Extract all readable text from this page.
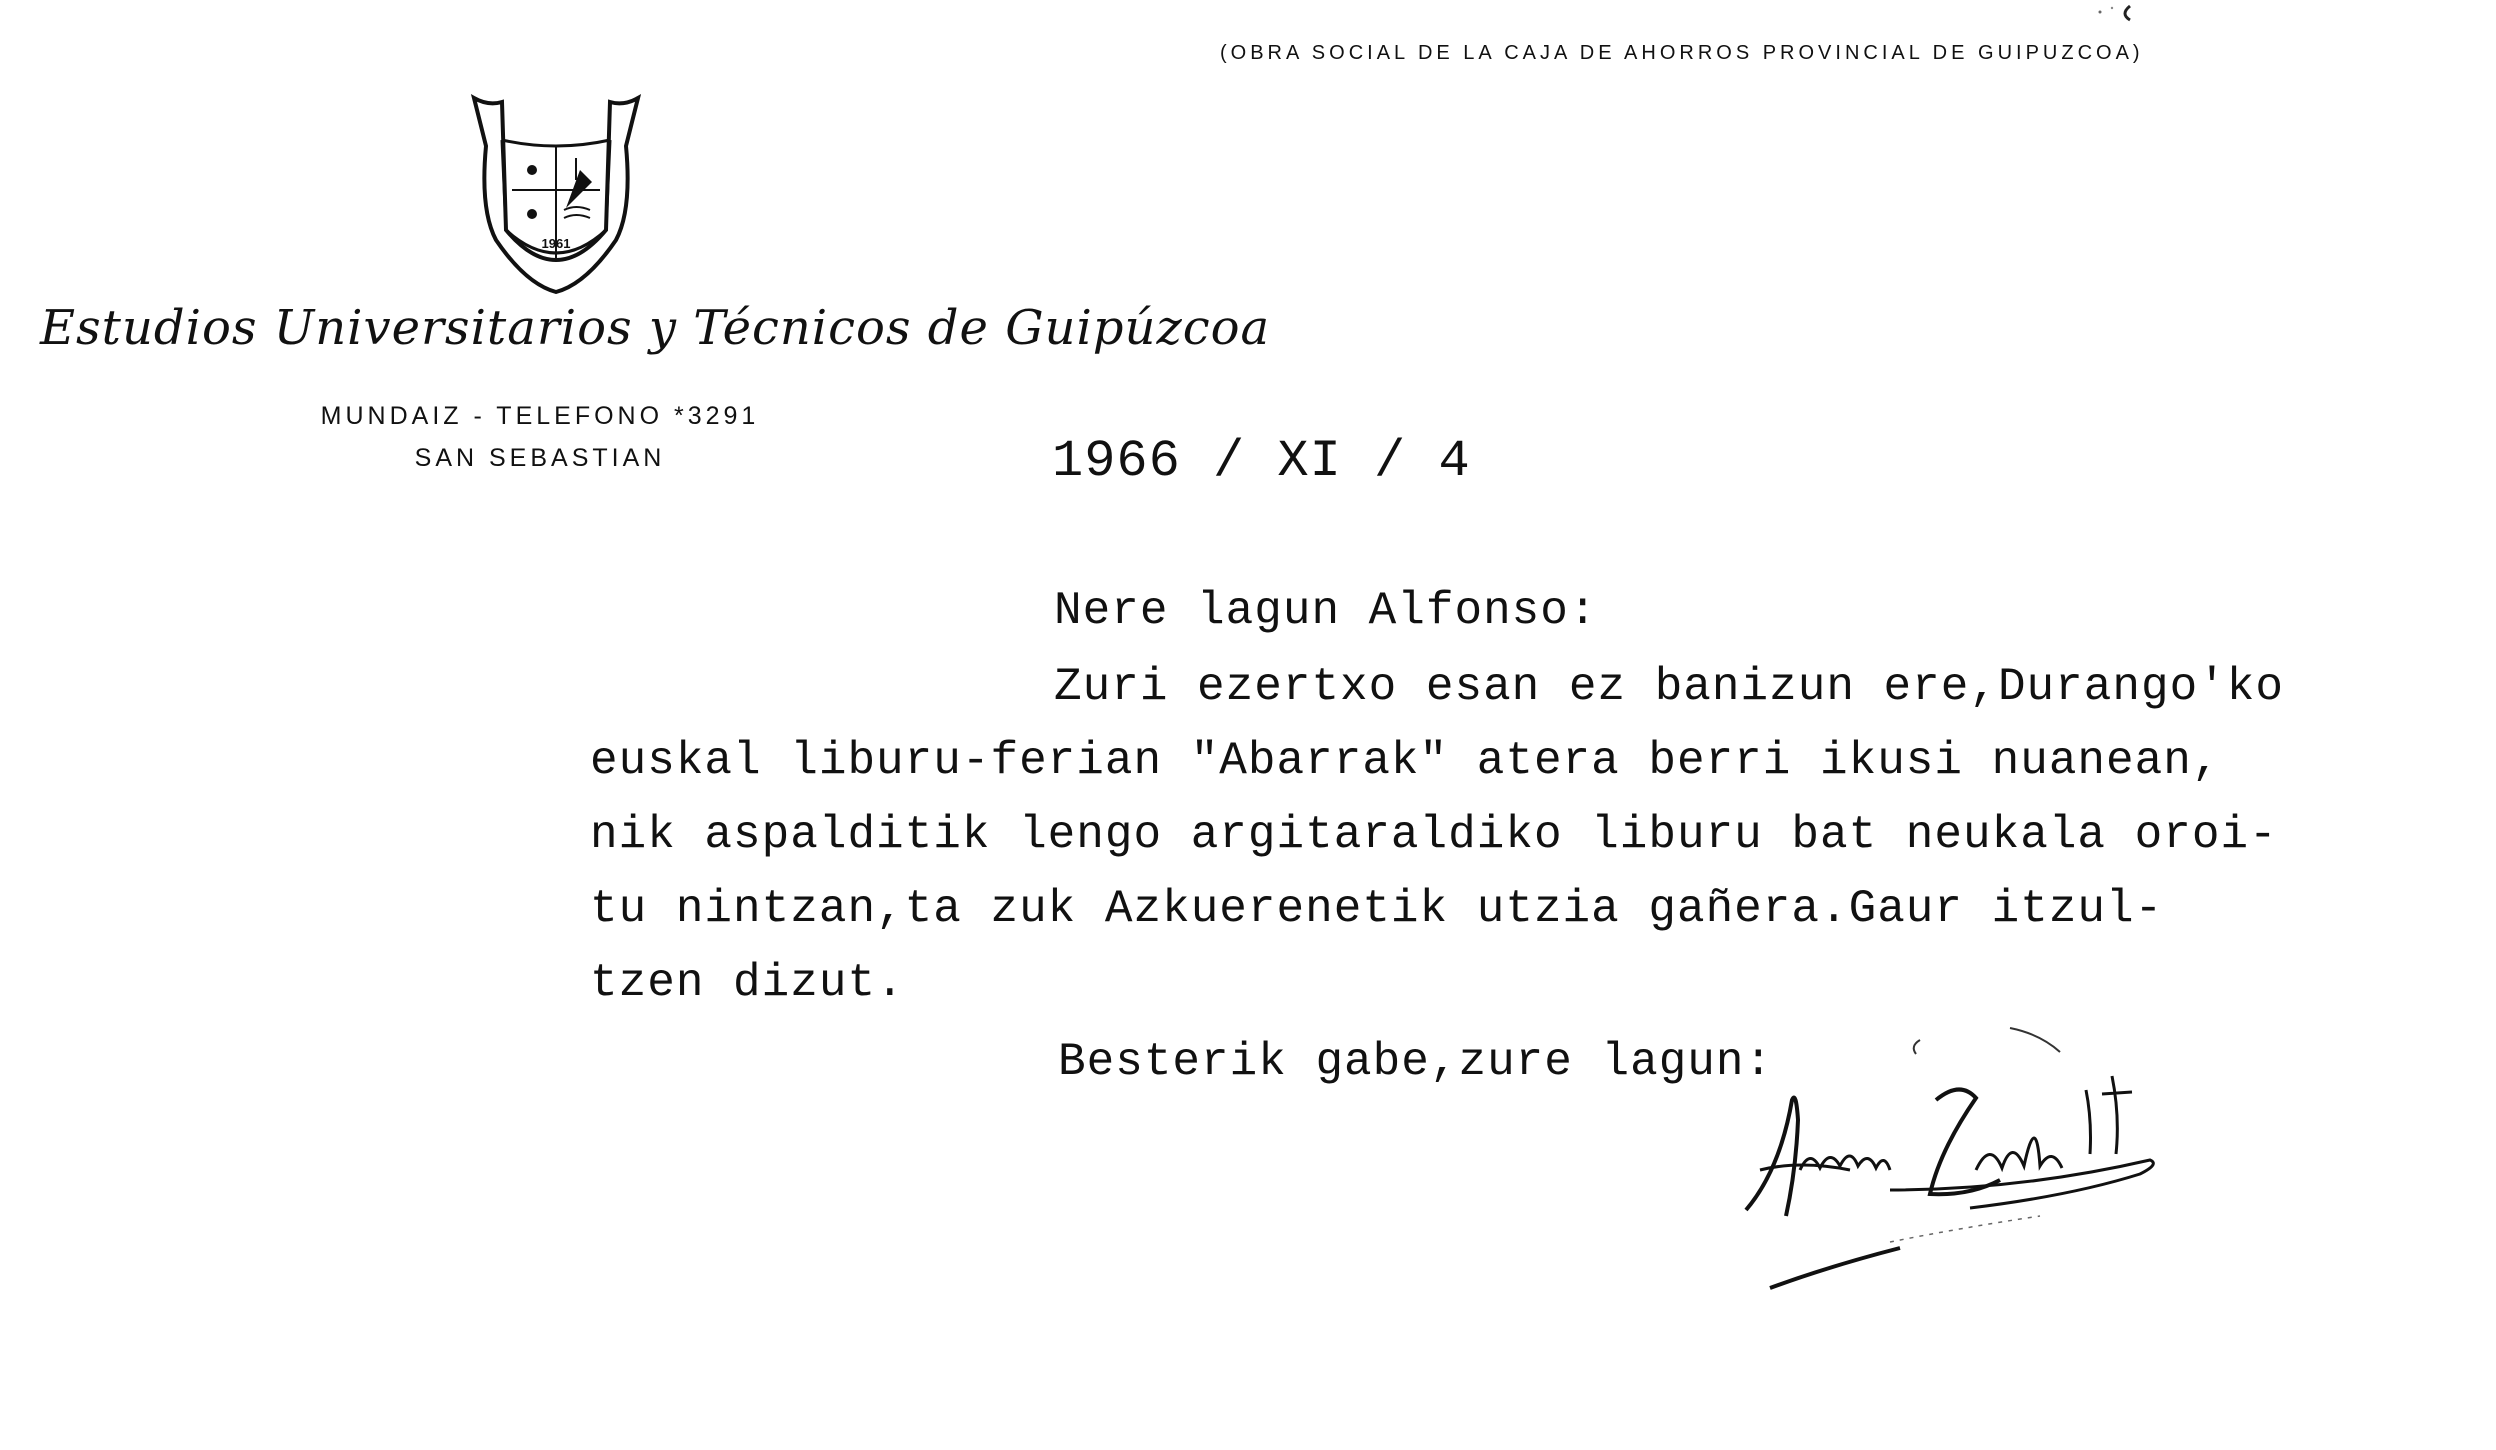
(OBRA SOCIAL DE LA CAJA DE AHORROS PROVINCIAL DE GUIPUZCOA)
1961
Estudios Universitarios y Técnicos de Guipúzcoa
MUNDAIZ - TELEFONO *3291
SAN SEBASTIAN	1966 / XI / 4
Nere lagun Alfonso:
Zuri ezertxo esan ez banizun ere,Durango'ko
euskal liburu-ferian "Abarrak" atera berri ikusi nuanean,
nik aspalditik lengo argitaraldiko liburu bat neukala oroi-
tu nintzan,ta zuk Azkuerenetik utzia gañera.Gaur itzul-
tzen dizut.
Besterik gabe,zure lagun:
